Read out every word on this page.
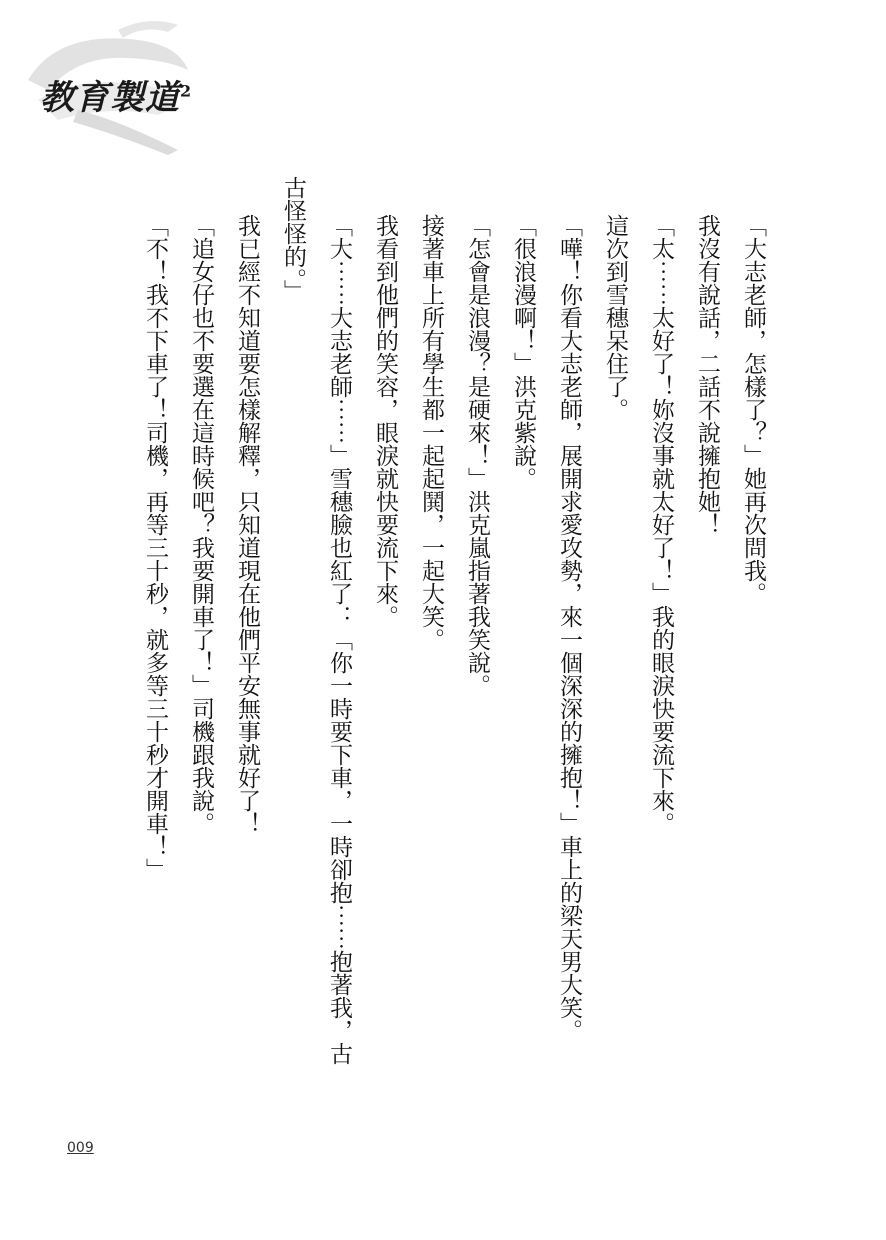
教育製道$^2$
「大志老師，怎樣了？」她再次問我。
我沒有說話，二話不說擁抱她！
「太⋯⋯太好了！妳沒事就太好了！」我的眼淚快要流下來。
這次到雪穗呆住了。
「嘩！你看大志老師，展開求愛攻勢，來一個深深的擁抱！」車上的梁天男大笑。
「很浪漫啊！」洪克紫說。
「怎會是浪漫？是硬來！」洪克嵐指著我笑說。
接著車上所有學生都一起起鬨，一起大笑。
我看到他們的笑容，眼淚就快要流下來。
「大⋯⋯大志老師⋯⋯」雪穗臉也紅了：「你一時要下車，一時卻抱⋯⋯抱著我，古
古怪怪的。」
我已經不知道要怎樣解釋，只知道現在他們平安無事就好了！
「追女仔也不要選在這時候吧？我要開車了！」司機跟我說。
「不！我不下車了！司機，再等三十秒，就多等三十秒才開車！」
009
